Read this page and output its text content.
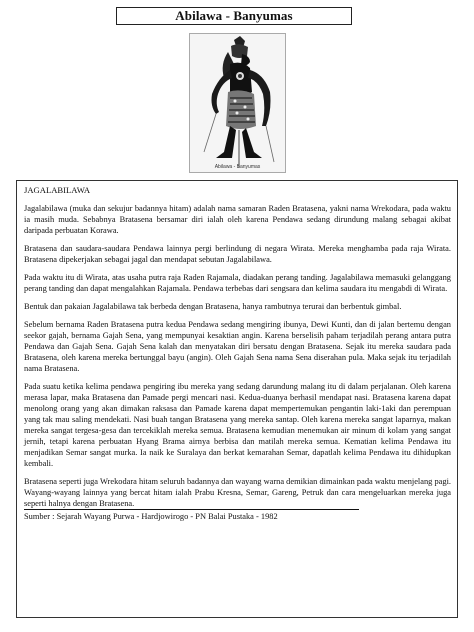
Abilawa - Banyumas
Abilawa - Banyumas

JAGALABILAWA

Jagalabilawa (muka dan sekujur badannya hitam) adalah nama samaran Raden Bratasena, yakni nama Wrekodara, pada waktu ia masih muda. Sebabnya Bratasena bersamar diri ialah oleh karena Pendawa sedang dirundung malang sebagai akibat daripada perbuatan Korawa.

Bratasena dan saudara-saudara Pendawa lainnya pergi berlindung di negara Wirata. Mereka menghamba pada raja Wirata. Bratasena dipekerjakan sebagai jagal dan mendapat sebutan Jagalabilawa.

Pada waktu itu di Wirata, atas usaha putra raja Raden Rajamala, diadakan perang tanding. Jagalabilawa memasuki gelanggang perang tanding dan dapat mengalahkan Rajamala. Pendawa terbebas dari sengsara dan kelima saudara itu mengabdi di Wirata.

Bentuk dan pakaian Jagalabilawa tak berbeda dengan Bratasena, hanya rambutnya terurai dan berbentuk gimbal.

Sebelum bernama Raden Bratasena putra kedua Pendawa sedang mengiring ibunya, Dewi Kunti, dan di jalan bertemu dengan seekor gajah, bernama Gajah Sena, yang mempunyai kesaktian angin. Karena berselisih paham terjadilah perang antara putra Pendawa dan Gajah Sena. Gajah Sena kalah dan menyatakan diri bersatu dengan Bratasena. Sejak itu mereka saudara pada Bratasena, oleh karena mereka bertunggal bayu (angin). Oleh Gajah Sena nama Sena diserahan pula. Maka sejak itu terjadilah nama Bratasena.

Pada suatu ketika kelima pendawa pengiring ibu mereka yang sedang darundung malang itu di dalam perjalanan. Oleh karena merasa lapar, maka Bratasena dan Pamade pergi mencari nasi. Kedua-duanya berhasil mendapat nasi. Bratasena karena dapat menolong orang yang akan dimakan raksasa dan Pamade karena dapat mempertemukan pengantin laki-1aki dan perempuan yang tak mau saling mendekati. Nasi buah tangan Bratasena yang mereka santap. Oleh karena mereka sangat laparnya, makan mereka sangat tergesa-gesa dan tercekiklah mereka semua. Bratasena kemudian menemukan air minum di kolam yang sangat jernih, tetapi karena perbuatan Hyang Brama airnya berbisa dan matilah mereka semua. Kematian kelima Pendawa itu menjadikan Semar sangat murka. Ia naik ke Suralaya dan berkat kemarahan Semar, dapatlah kelima Pendawa itu dihidupkan kembali.

Bratasena seperti juga Wrekodara hitam seluruh badannya dan wayang warna demikian dimainkan pada waktu menjelang pagi. Wayang-wayang lainnya yang bercat hitam ialah Prabu Kresna, Semar, Gareng, Petruk dan cara mengeluarkan mereka juga seperti halnya dengan Bratasena.

Sumber : Sejarah Wayang Purwa - Hardjowirogo - PN Balai Pustaka - 1982
